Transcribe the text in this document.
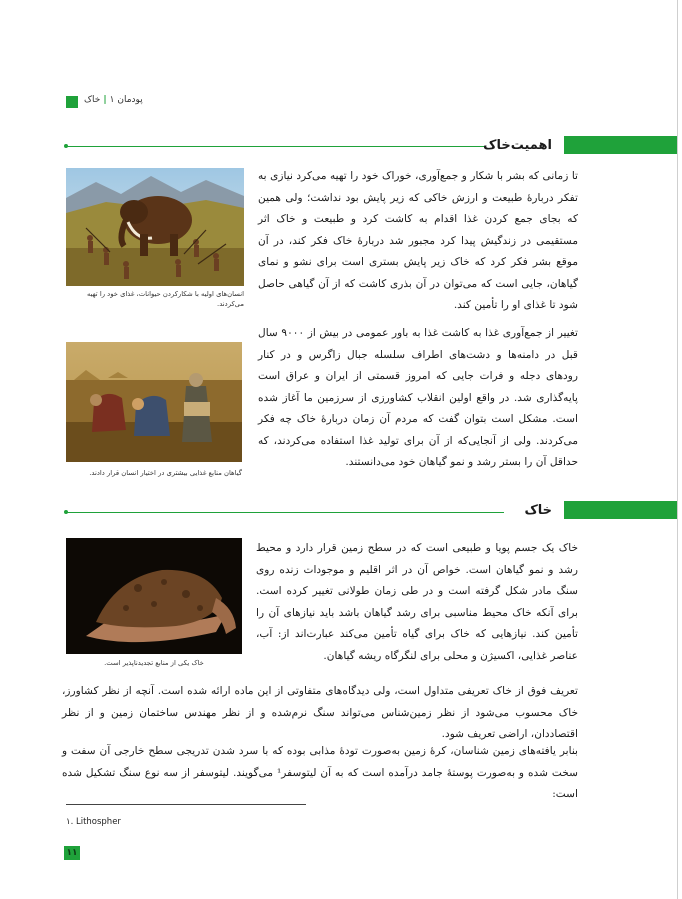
پودمان ۱|خاک
اهمیت‌خاک
انسان‌های اولیه با شکارکردن حیوانات، غذای خود را تهیه می‌کردند.
تا زمانی که بشر با شکار و جمع‌آوری، خوراک خود را تهیه می‌کرد نیازی به تفکر دربارهٔ طبیعت و ارزش خاکی که زیر پایش بود نداشت؛ ولی همین که بجای جمع کردن غذا اقدام به کاشت کرد و طبیعت و خاک اثر مستقیمی در زندگیش پیدا کرد مجبور شد دربارهٔ خاک فکر کند، در آن موقع بشر فکر کرد که خاک زیر پایش بستری است برای نشو و نمای گیاهان، جایی است که می‌توان در آن بذری کاشت که از آن گیاهی حاصل شود تا غذای او را تأمین کند.
گیاهان منابع غذایی بیشتری در اختیار انسان قرار دادند.
تغییر از جمع‌آوری غذا به کاشت غذا به باور عمومی در بیش از ۹۰۰۰ سال قبل در دامنه‌ها و دشت‌های اطراف سلسله جبال زاگرس و در کنار رودهای دجله و فرات جایی که امروز قسمتی از ایران و عراق است پایه‌گذاری شد. در واقع اولین انقلاب کشاورزی از سرزمین ما آغاز شده است. مشکل است بتوان گفت که مردم آن زمان دربارهٔ خاک چه فکر می‌کردند. ولی از آنجایی‌که از آن برای تولید غذا استفاده می‌کردند، که حداقل آن را بستر رشد و نمو گیاهان خود می‌دانستند.
خاک
خاک یکی از منابع تجدیدناپذیر است.
خاک یک جسم پویا و طبیعی است که در سطح زمین قرار دارد و محیط رشد و نمو گیاهان است. خواص آن در اثر اقلیم و موجودات زنده روی سنگ مادر شکل گرفته است و در طی زمان طولانی تغییر کرده است. برای آنکه خاک محیط مناسبی برای رشد گیاهان باشد باید نیازهای آن را تأمین کند. نیازهایی که خاک برای گیاه تأمین می‌کند عبارت‌اند از: آب، عناصر غذایی، اکسیژن و محلی برای لنگرگاه ریشه گیاهان.
تعریف فوق از خاک تعریفی متداول است، ولی دیدگاه‌های متفاوتی از این ماده ارائه شده است. آنچه از نظر کشاورز، خاک محسوب می‌شود از نظر زمین‌شناس می‌تواند سنگ نرم‌شده و از نظر مهندس ساختمان زمین و از نظر اقتصاددان، اراضی تعریف شود.
بنابر یافته‌های زمین شناسان، کرهٔ زمین به‌صورت تودهٔ مذابی بوده که با سرد شدن تدریجی سطح خارجی آن سفت و سخت شده و به‌صورت پوستهٔ جامد درآمده است که به آن لیتوسفر¹ می‌گویند. لیتوسفر از سه نوع سنگ تشکیل شده است:
۱. Lithospher
۱۱
